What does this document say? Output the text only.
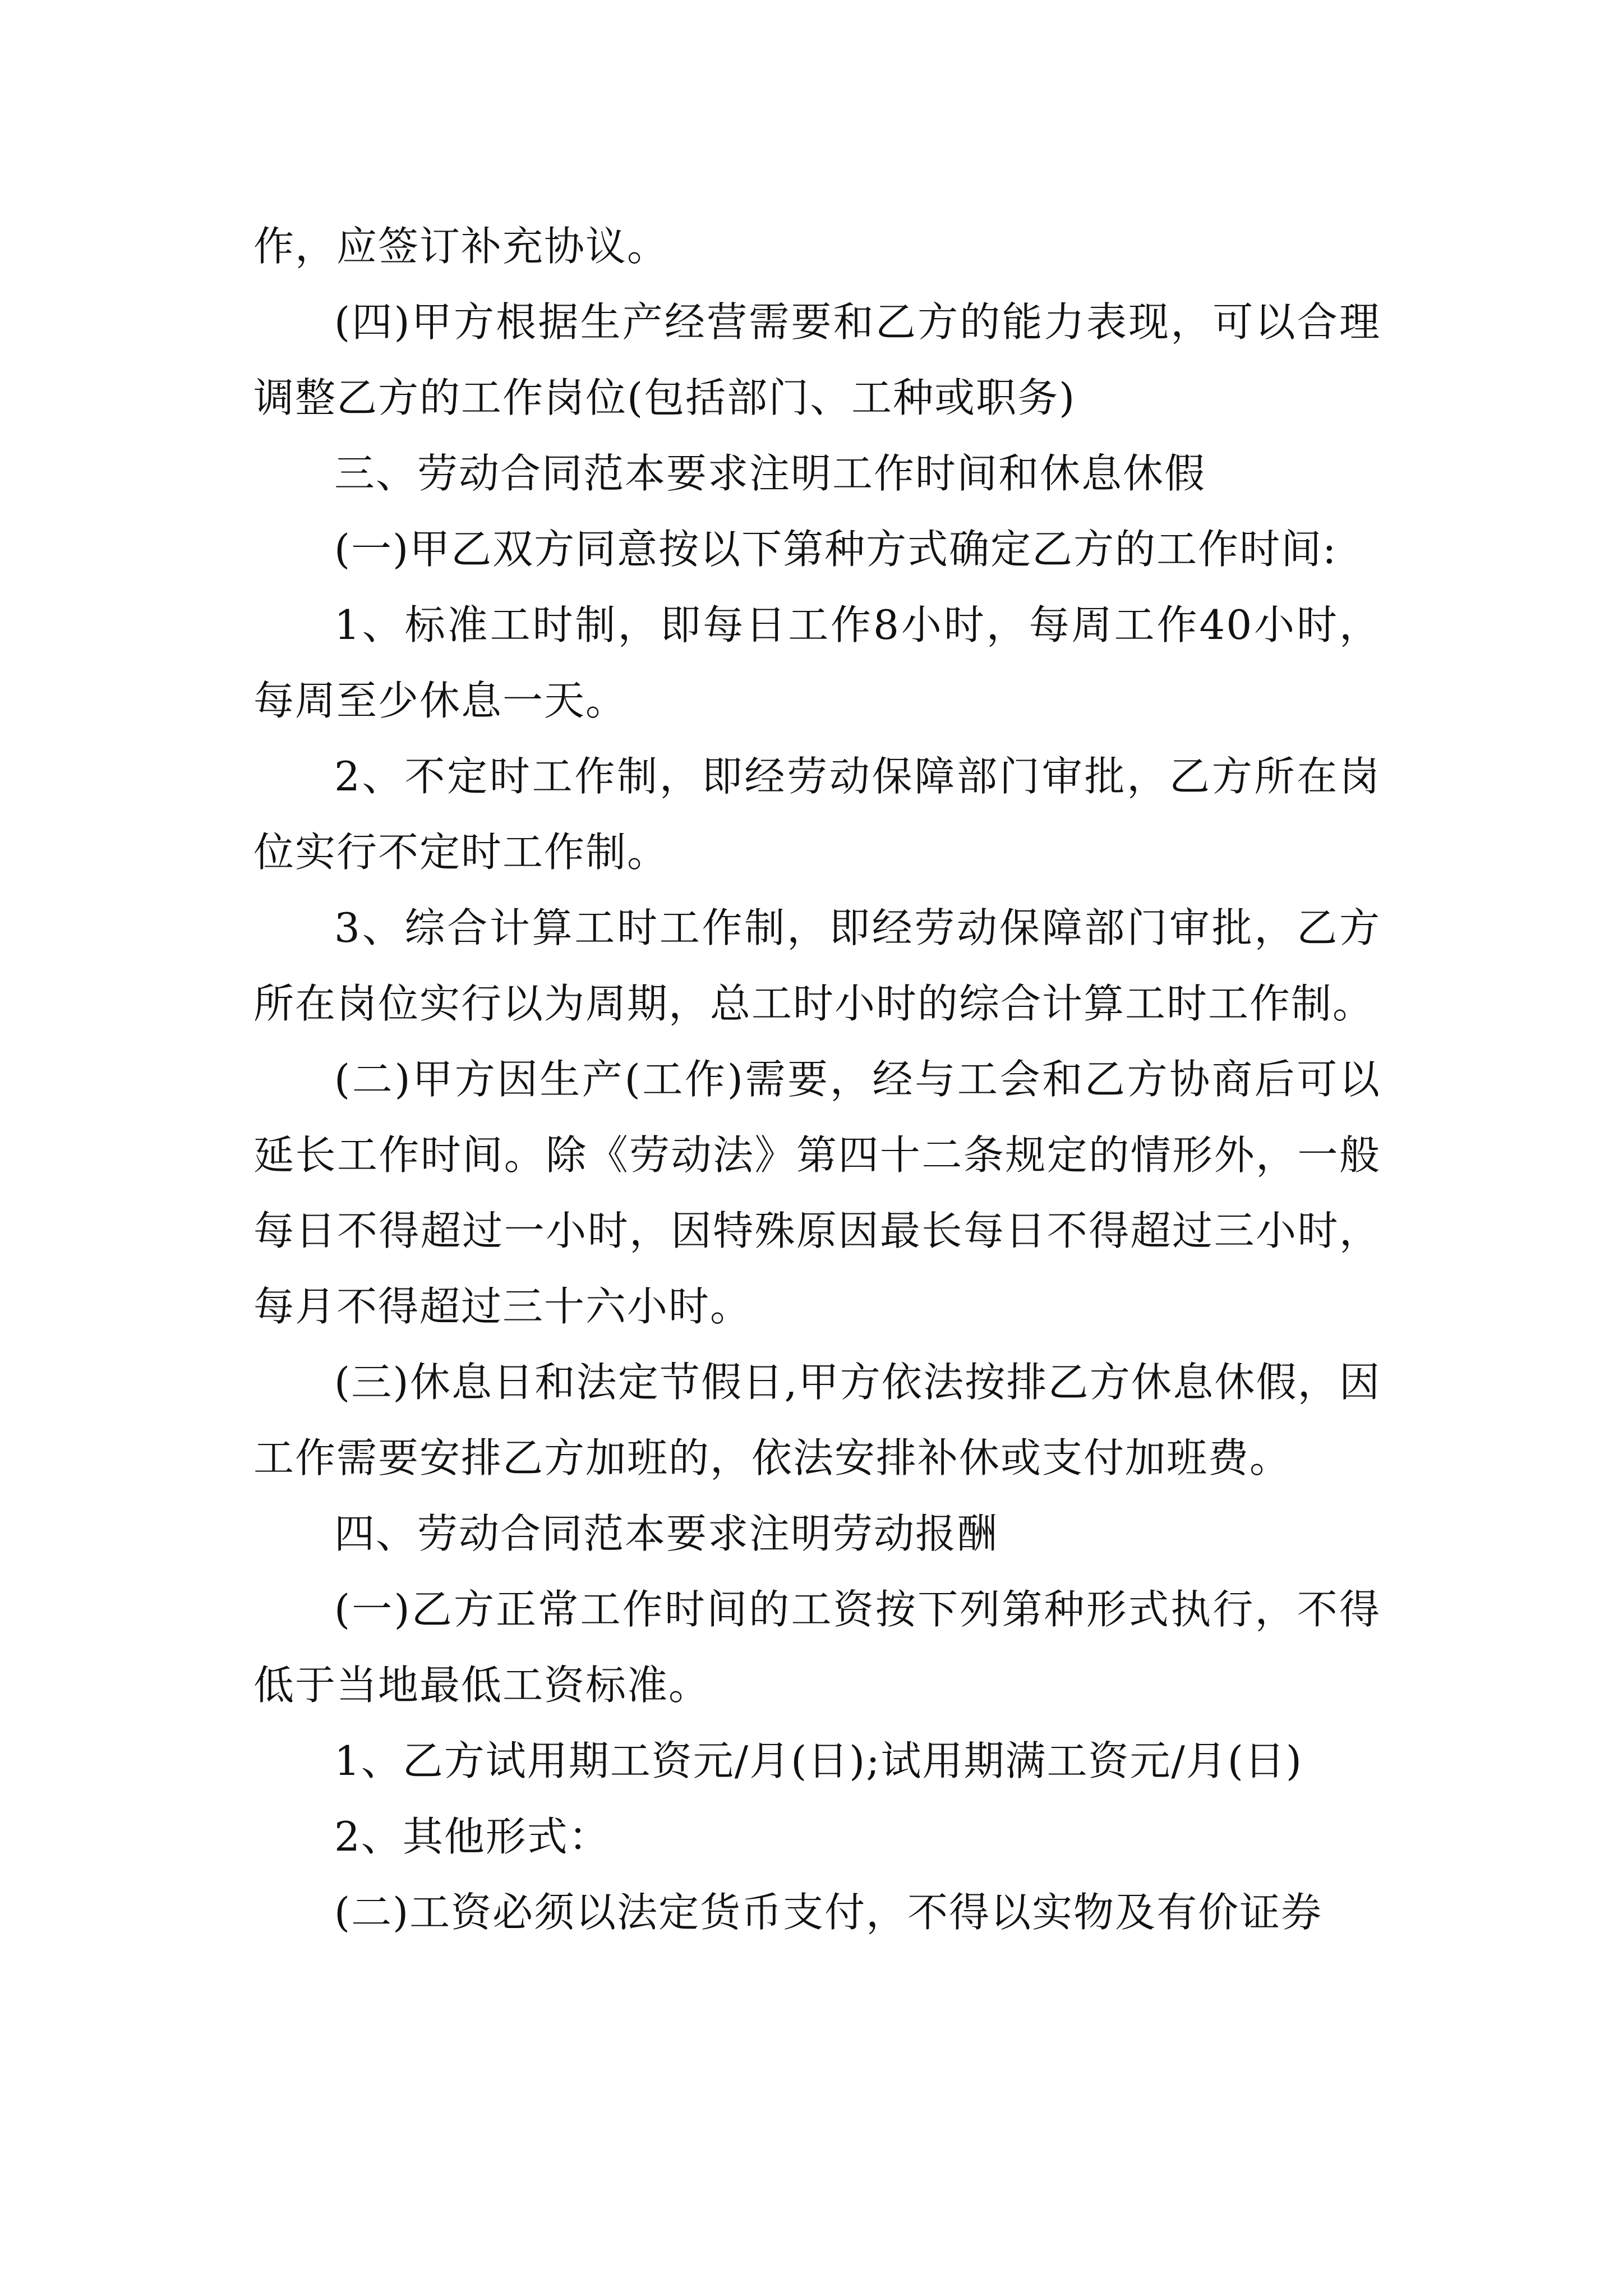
作，应签订补充协议。

(四)甲方根据生产经营需要和乙方的能力表现，可以合理调整乙方的工作岗位(包括部门、工种或职务)

三、劳动合同范本要求注明工作时间和休息休假

(一)甲乙双方同意按以下第种方式确定乙方的工作时间:

1、标准工时制，即每日工作8小时，每周工作40小时，每周至少休息一天。

2、不定时工作制，即经劳动保障部门审批，乙方所在岗位实行不定时工作制。

3、综合计算工时工作制，即经劳动保障部门审批，乙方所在岗位实行以为周期，总工时小时的综合计算工时工作制。

(二)甲方因生产(工作)需要，经与工会和乙方协商后可以延长工作时间。除《劳动法》第四十二条规定的情形外，一般每日不得超过一小时，因特殊原因最长每日不得超过三小时，每月不得超过三十六小时。

(三)休息日和法定节假日,甲方依法按排乙方休息休假，因工作需要安排乙方加班的，依法安排补休或支付加班费。

四、劳动合同范本要求注明劳动报酬

(一)乙方正常工作时间的工资按下列第种形式执行，不得低于当地最低工资标准。

1、乙方试用期工资元/月(日);试用期满工资元/月(日)

2、其他形式：

(二)工资必须以法定货币支付，不得以实物及有价证券
